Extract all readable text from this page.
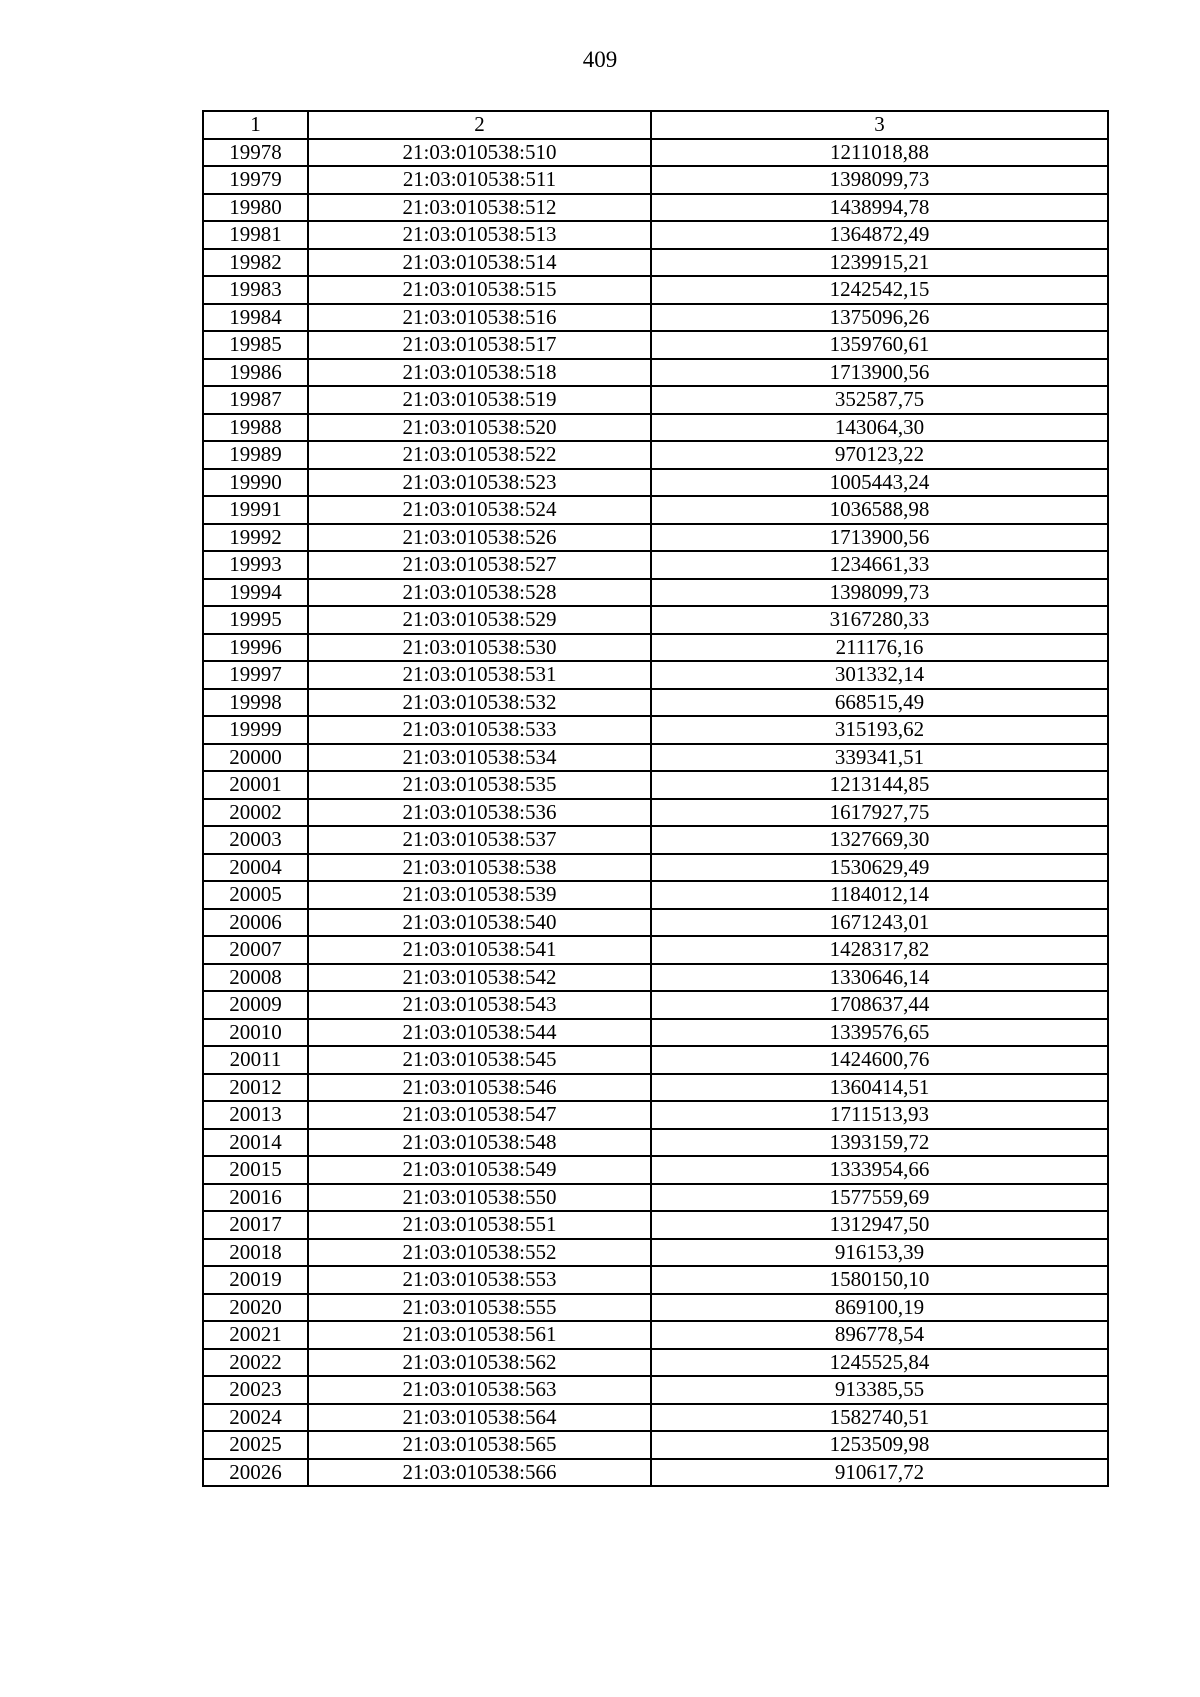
409
1	2	3
19978	21:03:010538:510	1211018,88
19979	21:03:010538:511	1398099,73
19980	21:03:010538:512	1438994,78
19981	21:03:010538:513	1364872,49
19982	21:03:010538:514	1239915,21
19983	21:03:010538:515	1242542,15
19984	21:03:010538:516	1375096,26
19985	21:03:010538:517	1359760,61
19986	21:03:010538:518	1713900,56
19987	21:03:010538:519	352587,75
19988	21:03:010538:520	143064,30
19989	21:03:010538:522	970123,22
19990	21:03:010538:523	1005443,24
19991	21:03:010538:524	1036588,98
19992	21:03:010538:526	1713900,56
19993	21:03:010538:527	1234661,33
19994	21:03:010538:528	1398099,73
19995	21:03:010538:529	3167280,33
19996	21:03:010538:530	211176,16
19997	21:03:010538:531	301332,14
19998	21:03:010538:532	668515,49
19999	21:03:010538:533	315193,62
20000	21:03:010538:534	339341,51
20001	21:03:010538:535	1213144,85
20002	21:03:010538:536	1617927,75
20003	21:03:010538:537	1327669,30
20004	21:03:010538:538	1530629,49
20005	21:03:010538:539	1184012,14
20006	21:03:010538:540	1671243,01
20007	21:03:010538:541	1428317,82
20008	21:03:010538:542	1330646,14
20009	21:03:010538:543	1708637,44
20010	21:03:010538:544	1339576,65
20011	21:03:010538:545	1424600,76
20012	21:03:010538:546	1360414,51
20013	21:03:010538:547	1711513,93
20014	21:03:010538:548	1393159,72
20015	21:03:010538:549	1333954,66
20016	21:03:010538:550	1577559,69
20017	21:03:010538:551	1312947,50
20018	21:03:010538:552	916153,39
20019	21:03:010538:553	1580150,10
20020	21:03:010538:555	869100,19
20021	21:03:010538:561	896778,54
20022	21:03:010538:562	1245525,84
20023	21:03:010538:563	913385,55
20024	21:03:010538:564	1582740,51
20025	21:03:010538:565	1253509,98
20026	21:03:010538:566	910617,72
